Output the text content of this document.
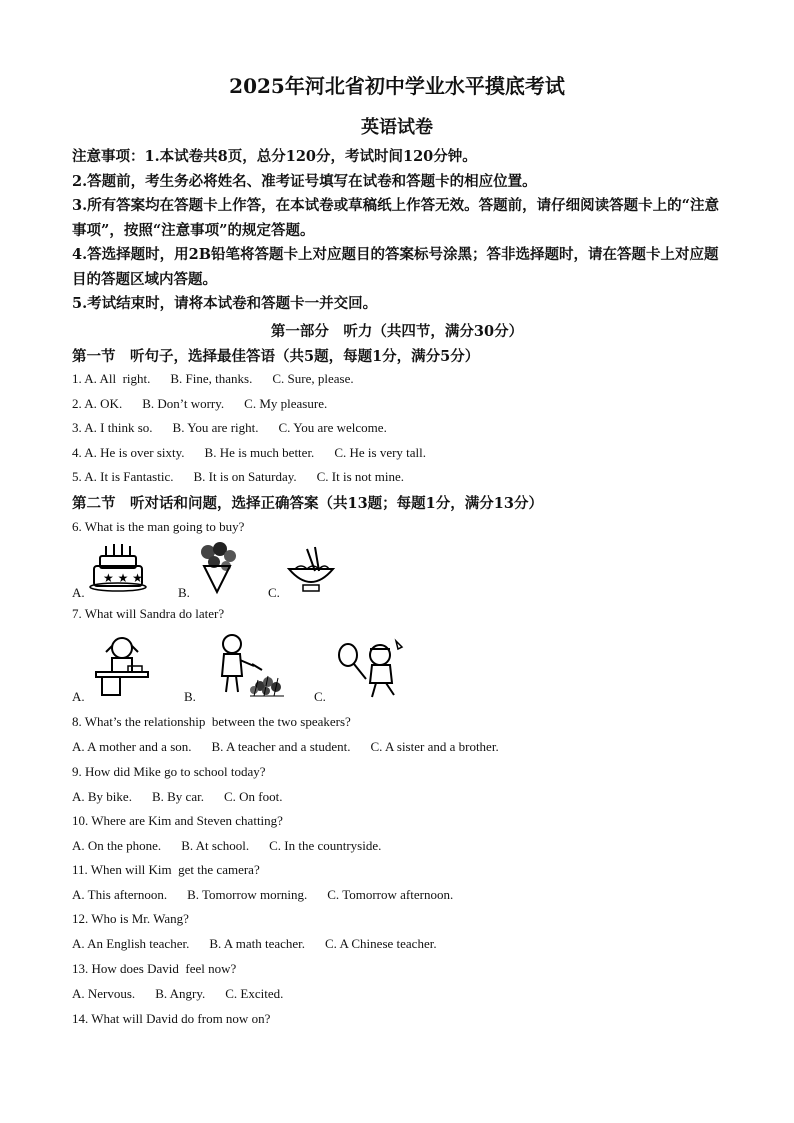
2025年河北省初中学业水平摸底考试
英语试卷

注意事项：1.本试卷共8页，总分120分，考试时间120分钟。

2.答题前，考生务必将姓名、准考证号填写在试卷和答题卡的相应位置。

3.所有答案均在答题卡上作答，在本试卷或草稿纸上作答无效。答题前，请仔细阅读答题卡上的“注意事项”，按照“注意事项”的规定答题。

4.答选择题时，用2B铅笔将答题卡上对应题目的答案标号涂黑；答非选择题时，请在答题卡上对应题目的答题区域内答题。

5.考试结束时，请将本试卷和答题卡一并交回。

第一部分　听力（共四节，满分30分）
第一节　听句子，选择最佳答语（共5题，每题1分，满分5分）
1. A. All  right. B. Fine, thanks. C. Sure, please.
2. A. OK. B. Don’t worry. C. My pleasure.
3. A. I think so. B. You are right. C. You are welcome.
4. A. He is over sixty. B. He is much better. C. He is very tall.
5. A. It is Fantastic. B. It is on Saturday. C. It is not mine.
第二节　听对话和问题，选择正确答案（共13题；每题1分，满分13分）
6. What is the man going to buy?
★ ★ ★
A.	B.	C.
7. What will Sandra do later?
A.	B.	C.
8. What’s the relationship  between the two speakers?
A. A mother and a son. B. A teacher and a student. C. A sister and a brother.
9. How did Mike go to school today?
A. By bike. B. By car. C. On foot.
10. Where are Kim and Steven chatting?
A. On the phone. B. At school. C. In the countryside.
11. When will Kim  get the camera?
A. This afternoon. B. Tomorrow morning. C. Tomorrow afternoon.
12. Who is Mr. Wang?
A. An English teacher. B. A math teacher. C. A Chinese teacher.
13. How does David  feel now?
A. Nervous. B. Angry. C. Excited.
14. What will David do from now on?
